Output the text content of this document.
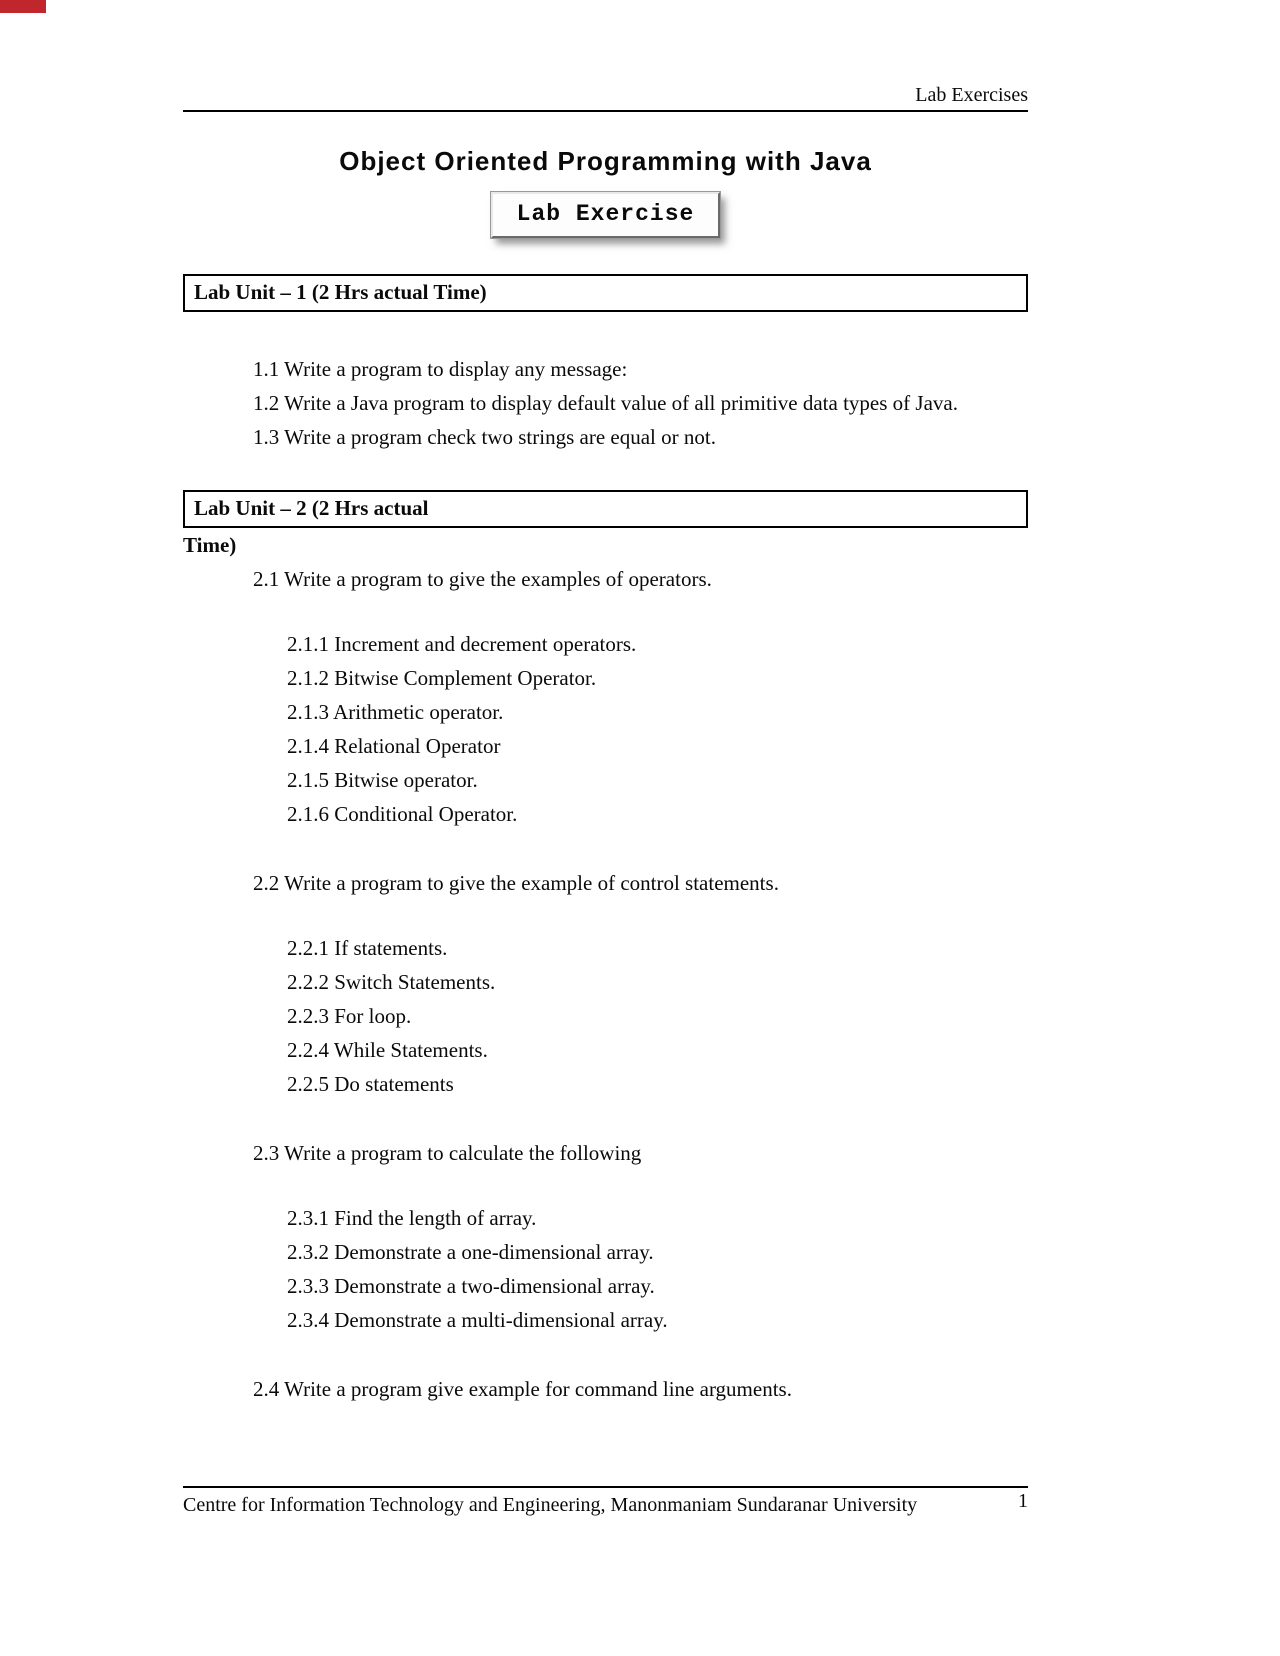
Lab Exercises
Object Oriented Programming with Java
Lab Exercise
Lab Unit – 1 (2 Hrs actual Time)
1.1 Write a program to display any message:
1.2 Write a Java program to display default value of all primitive data types of Java.
1.3 Write a program check two strings are equal or not.
Lab Unit – 2 (2 Hrs actual
Time)
2.1 Write a program to give the examples of operators.
2.1.1 Increment and decrement operators.
2.1.2 Bitwise Complement Operator.
2.1.3 Arithmetic operator.
2.1.4 Relational Operator
2.1.5 Bitwise operator.
2.1.6 Conditional Operator.
2.2 Write a program to give the example of control statements.
2.2.1 If statements.
2.2.2 Switch Statements.
2.2.3 For loop.
2.2.4 While Statements.
2.2.5 Do statements
2.3 Write a program to calculate the following
2.3.1 Find the length of array.
2.3.2 Demonstrate a one-dimensional array.
2.3.3 Demonstrate a two-dimensional array.
2.3.4 Demonstrate a multi-dimensional array.
2.4 Write a program give example for command line arguments.
Centre for Information Technology and Engineering, Manonmaniam Sundaranar University	1
